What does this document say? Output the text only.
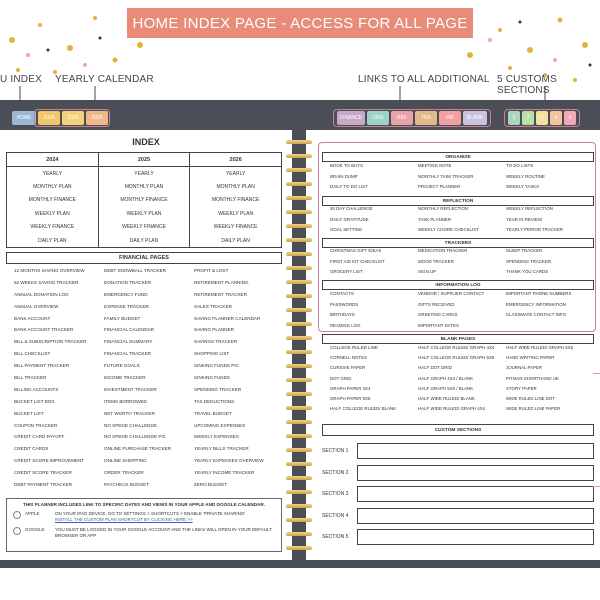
HOME INDEX PAGE - ACCESS FOR ALL PAGE
U INDEX YEARLY CALENDAR	LINKS TO ALL ADDITIONAL 5 CUSTOMS SECTIONS
HOME	2024	2025	2026	FINANCE	ORG	REF	TRA	INF	BLANK	1	2	3	4	5
INDEX
2024	2025	2026
YEARLY	YEARLY	YEARLY
MONTHLY PLAN	MONTHLY PLAN	MONTHLY PLAN
MONTHLY FINANCE	MONTHLY FINANCE	MONTHLY FINANCE
WEEKLY PLAN	WEEKLY PLAN	WEEKLY PLAN
WEEKLY FINANCE	WEEKLY FINANCE	WEEKLY FINANCE
DAILY PLAN	DAILY PLAN	DAILY PLAN
FINANCIAL PAGES
12 MONTHS SAVING OVERVIEW	DEBT SNOWBALL TRACKER	PROFIT & LOST
52 WEEKS SAVING TRACKER	DONATION TRACKER	RETIREMENT PLANNING
ANNUAL DONATION LOG	EMERGENCY FUND	RETIREMENT TRACKER
ANNUAL OVERVIEW	EXPENSE TRACKER	SALES TRACKER
BANK ACCOUNT	FAMILY BUDGET	SAVING PLANNER CALENDAR
BANK ACCOUNT TRACKER	FINANCIAL CALENDAR	SAVING PLANNER
BILL & SUBSCRIPTION TRACKER	FINANCIAL SUMMARY	SAVINGS TRACKER
BILL CHECKLIST	FINANCIAL TRACKER	SHOPPING LIST
BILL PAYMENT TRACKER	FUTURE GOALS	SINKING FUNDS PIC
BILL TRACKER	INCOME TRACKER	SINKING FUNDS
BILLING ACCOUNTS	INVESTMENT TRACKER	SPENDING TRACKER
BUCKET LIST BOX	ITEMS BORROWED	TAX DEDUCTIONS
BUCKET LIST	NET WORTH TRACKER	TRAVEL BUDGET
COUPON TRACKER	NO SPEND CHALLENGE	UPCOMING EXPENSES
CREDIT CARD PAYOFF	NO SPEND CHALLENGE PIC	WEEKLY EXPENSES
CREDIT CARDS	ONLINE PURCHASE TRACKER	YEARLY BILLS TRACKER
CREDIT SCORE IMPROVEMENT	ONLINE SHOPPING	YEARLY EXPENSES OVERVIEW
CREDIT SCORE TRACKER	ORDER TRACKER	YEARLY INCOME TRACKER
DEBT PAYMENT TRACKER	PAYCHECK BUDGET	ZERO BUDGET
THIS PLANNER INCLUDES LINK TO SPECIFIC DATES AND VIEWS IN YOUR APPLE AND GOOGLE CALENDAR.
APPLE	ON YOUR IPAD DEVICE, GO TO SETTINGS > SHORTCUTS > ENABLE 'PRIVATE SHARING'
INSTALL THE CUSTOM PLAN SHORTCUT BY CLICKING HERE >>
GOOGLE	YOU MUST BE LOGGED IN YOUR GOOGLE ACCOUNT AND THE LINKS WILL OPEN IN YOUR DEFAULT BROWSER OR APP
ORGANIZE
BOOK TO BUYS	MEETING NOTE	TO DO LISTS
BRAIN DUMP	MONTHLY TASK TRACKER	WEEKLY ROUTINE
DAILY TO DO LIST	PROJECT PLANNER	WEEKLY TASKS
REFLECTION
30 DAY CHALLENGE	MONTHLY REFLECTION	WEEKLY REFLECTION
DAILY GRATITUDE	TASK PLANNER	YEAR IN REVIEW
GOAL SETTING	WEEKLY CHORE CHECKLIST	YEARLY PERIOD TRACKER
TRACKERS
CHRISTMAS GIFT IDEAS	MEDICATION TRACKER	SLEEP TRACKER
FIRST AID KIT CHECKLIST	MOOD TRACKER	SPENDING TRACKER
GROCERY LIST	SIGN UP	THANK YOU CARDS
INFORMATION LOG
CONTACTS	VENDOR / SUPPLIER CONTACT	IMPORTANT PHONE NUMBERS
PASSWORDS	GIFTS RECEIVED	EMERGENCY INFORMATION
BIRTHDAYS	GREETING CARDS	CLASSMATE CONTACT INFO
READING LOG	IMPORTANT DATES
BLANK PAGES
COLLEGE RULED LINE	HALF COLLEGE RULED/ GRAPH 4X4	HALF WIDE RULED/ GRAPH 5X5
CORNELL NOTES	HALF COLLEGE RULED/ GRAPH 5X5	HAND WRITING PAPER
CURSIVE PAPER	HALF DOT GRID	JOURNAL PAPER
DOT GRID	HALF GRAPH 4X4 / BLANK	PITMAN SHORTHAND UK
GRAPH PAPER 4X4	HALF GRAPH 5X5 / BLANK	STORY PAPER
GRAPH PAPER 5X5	HALF WIDE RULED/ BLANK	WIDE RULED LINE DOT
HALF COLLEGE RULED/ BLANK	HALF WIDE RULED/ GRAPH 4X4	WIDE RULED LINE PAPER
CUSTOM SECTIONS
SECTION 1
SECTION 2
SECTION 3
SECTION 4
SECTION 5
